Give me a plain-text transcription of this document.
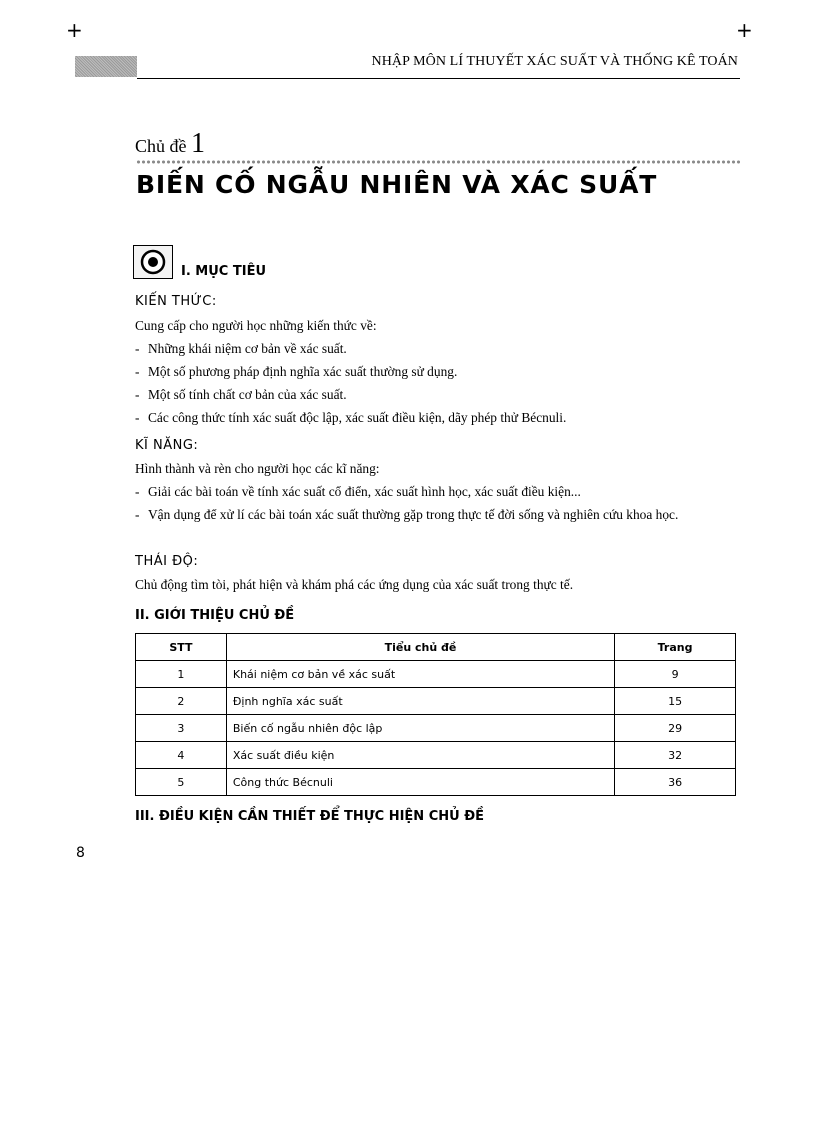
+	+
NHẬP MÔN LÍ THUYẾT XÁC SUẤT VÀ THỐNG KÊ TOÁN
Chủ đề 1
BIẾN CỐ NGẪU NHIÊN VÀ XÁC SUẤT
I. MỤC TIÊU
KIẾN THỨC:
Cung cấp cho người học những kiến thức về:
- Những khái niệm cơ bản về xác suất.
- Một số phương pháp định nghĩa xác suất thường sử dụng.
- Một số tính chất cơ bản của xác suất.
- Các công thức tính xác suất độc lập, xác suất điều kiện, dãy phép thử Bécnuli.
KĨ NĂNG:
Hình thành và rèn cho người học các kĩ năng:
- Giải các bài toán về tính xác suất cổ điển, xác suất hình học, xác suất điều kiện...
- Vận dụng để xử lí các bài toán xác suất thường gặp trong thực tế đời sống và nghiên cứu khoa học.
THÁI ĐỘ:
Chủ động tìm tòi, phát hiện và khám phá các ứng dụng của xác suất trong thực tế.
II. GIỚI THIỆU CHỦ ĐỀ
STT	Tiểu chủ đề	Trang
1	Khái niệm cơ bản về xác suất	9
2	Định nghĩa xác suất	15
3	Biến cố ngẫu nhiên độc lập	29
4	Xác suất điều kiện	32
5	Công thức Bécnuli	36
III. ĐIỀU KIỆN CẦN THIẾT ĐỂ THỰC HIỆN CHỦ ĐỀ
8
